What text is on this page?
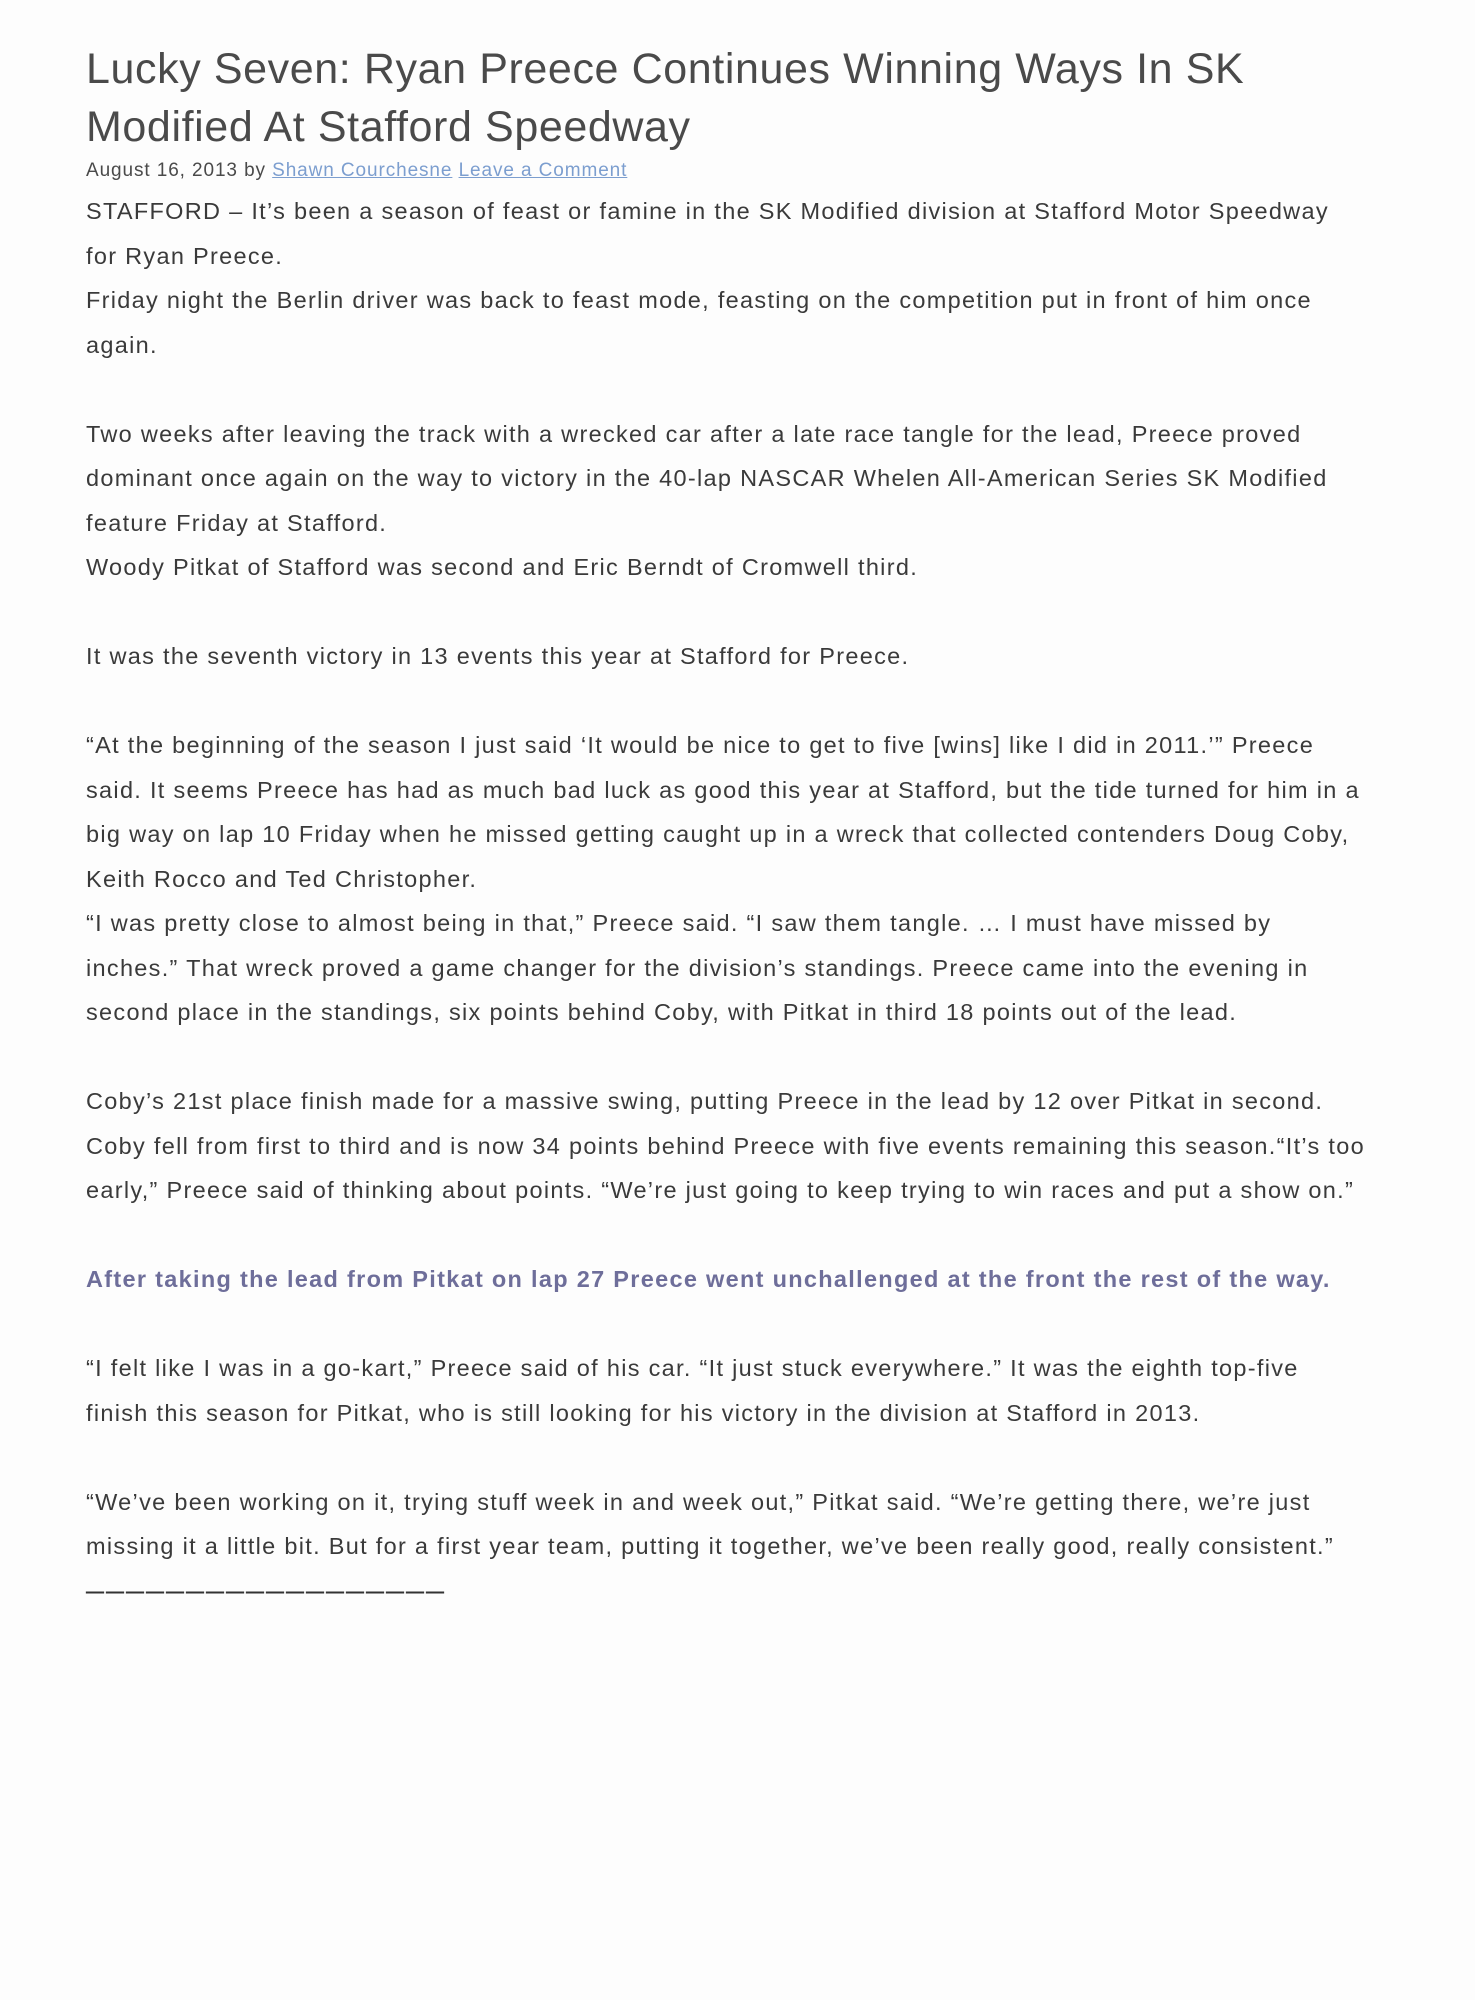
Lucky Seven: Ryan Preece Continues Winning Ways In SK Modified At Stafford Speedway
August 16, 2013 by Shawn Courchesne Leave a Comment

STAFFORD – It’s been a season of feast or famine in the SK Modified division at Stafford Motor Speedway for Ryan Preece.

Friday night the Berlin driver was back to feast mode, feasting on the competition put in front of him once again.

Two weeks after leaving the track with a wrecked car after a late race tangle for the lead, Preece proved dominant once again on the way to victory in the 40-lap NASCAR Whelen All-American Series SK Modified feature Friday at Stafford.

Woody Pitkat of Stafford was second and Eric Berndt of Cromwell third.

It was the seventh victory in 13 events this year at Stafford for Preece.

“At the beginning of the season I just said ‘It would be nice to get to five [wins] like I did in 2011.’” Preece said. It seems Preece has had as much bad luck as good this year at Stafford, but the tide turned for him in a big way on lap 10 Friday when he missed getting caught up in a wreck that collected contenders Doug Coby, Keith Rocco and Ted Christopher.

“I was pretty close to almost being in that,” Preece said. “I saw them tangle. … I must have missed by inches.” That wreck proved a game changer for the division’s standings. Preece came into the evening in second place in the standings, six points behind Coby, with Pitkat in third 18 points out of the lead.

Coby’s 21st place finish made for a massive swing, putting Preece in the lead by 12 over Pitkat in second. Coby fell from first to third and is now 34 points behind Preece with five events remaining this season.“It’s too early,” Preece said of thinking about points. “We’re just going to keep trying to win races and put a show on.”

After taking the lead from Pitkat on lap 27 Preece went unchallenged at the front the rest of the way.

“I felt like I was in a go-kart,” Preece said of his car. “It just stuck everywhere.” It was the eighth top-five finish this season for Pitkat, who is still looking for his victory in the division at Stafford in 2013.

“We’ve been working on it, trying stuff week in and week out,” Pitkat said. “We’re getting there, we’re just missing it a little bit. But for a first year team, putting it together, we’ve been really good, really consistent.”

——————————————————
